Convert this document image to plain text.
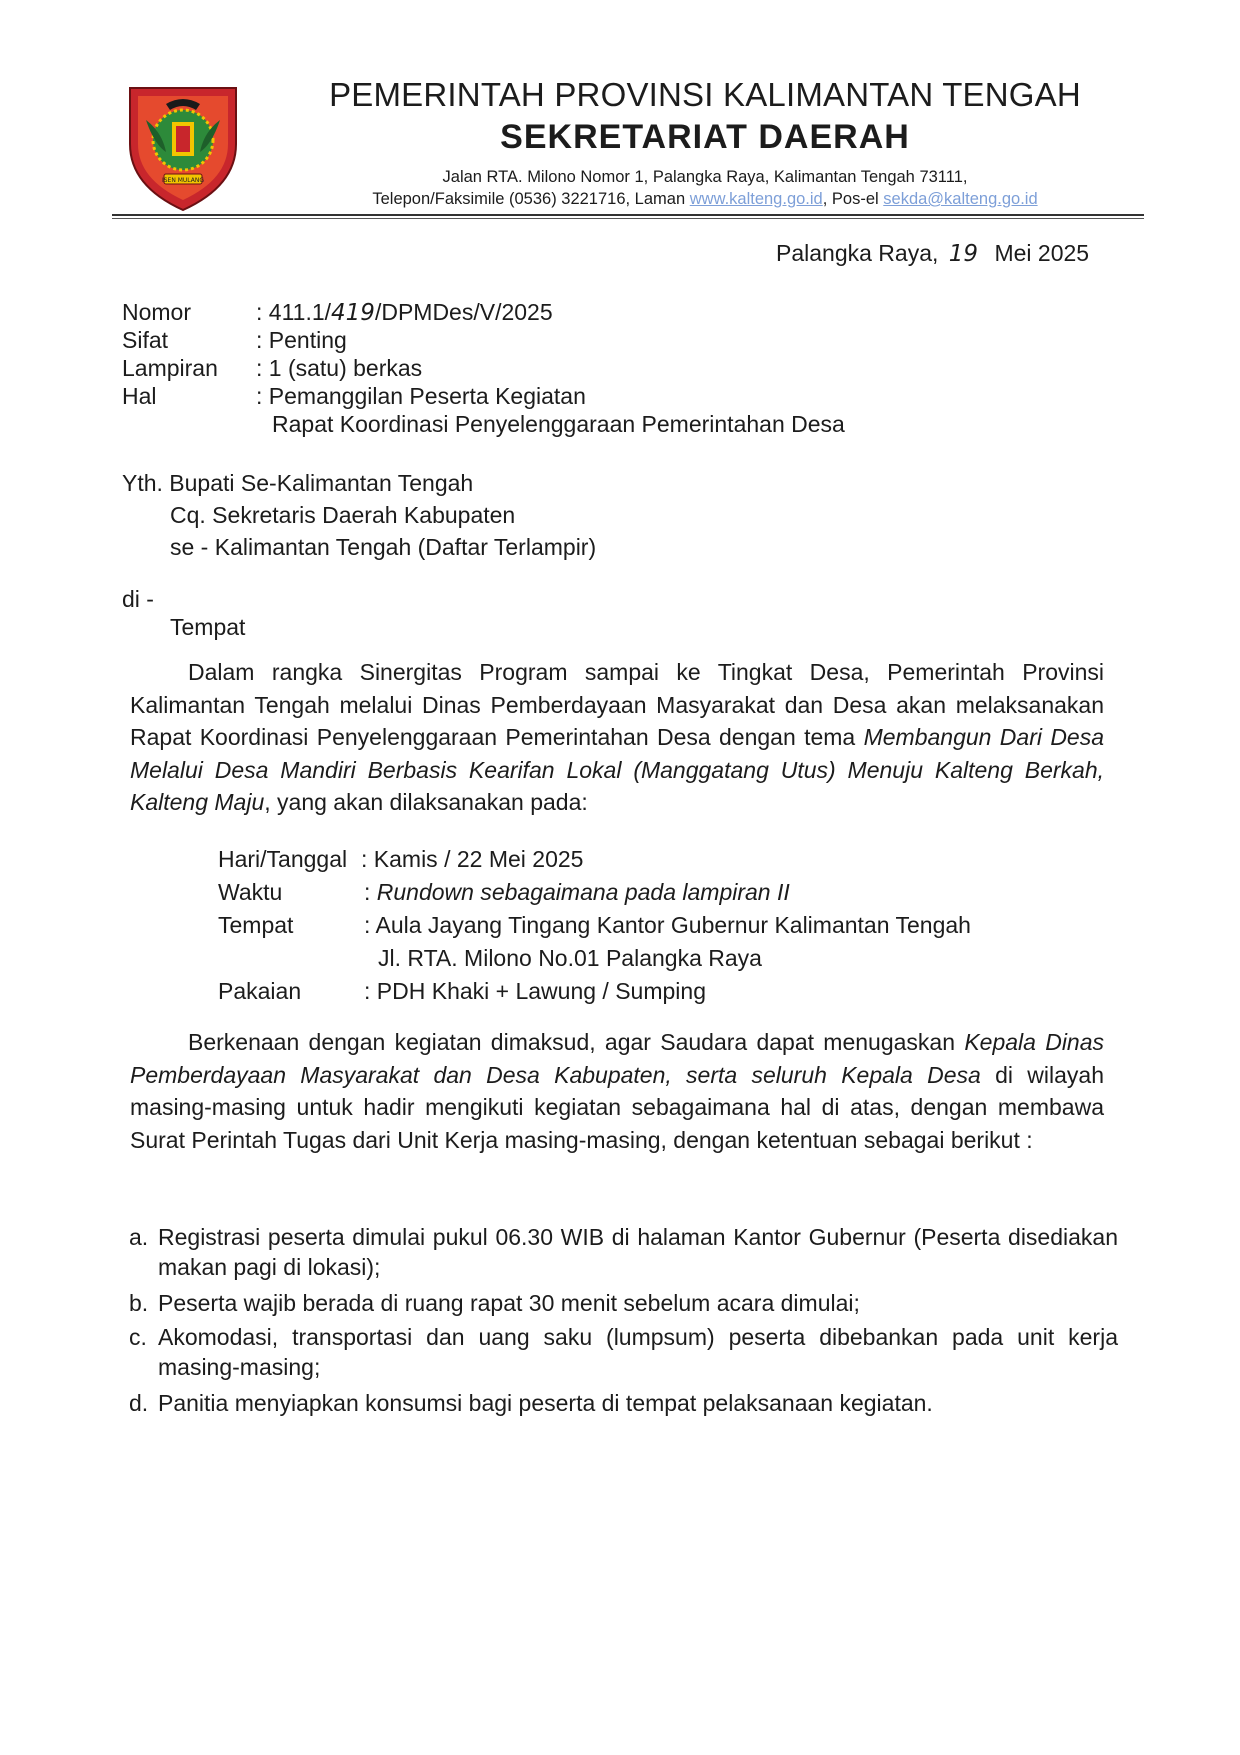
ISEN MULANG
PEMERINTAH PROVINSI KALIMANTAN TENGAH
SEKRETARIAT DAERAH
Jalan RTA. Milono Nomor 1, Palangka Raya, Kalimantan Tengah 73111,
Telepon/Faksimile (0536) 3221716, Laman www.kalteng.go.id, Pos-el sekda@kalteng.go.id
Palangka Raya, 19 Mei 2025
Nomor	: 411.1/419/DPMDes/V/2025
Sifat	: Penting
Lampiran : 1 (satu) berkas
Hal	: Pemanggilan Peserta Kegiatan
Rapat Koordinasi Penyelenggaraan Pemerintahan Desa
Yth. Bupati Se-Kalimantan Tengah
Cq. Sekretaris Daerah Kabupaten
se - Kalimantan Tengah (Daftar Terlampir)
di -
Tempat
Dalam rangka Sinergitas Program sampai ke Tingkat Desa, Pemerintah Provinsi Kalimantan Tengah melalui Dinas Pemberdayaan Masyarakat dan Desa akan melaksanakan Rapat Koordinasi Penyelenggaraan Pemerintahan Desa dengan tema Membangun Dari Desa Melalui Desa Mandiri Berbasis Kearifan Lokal (Manggatang Utus) Menuju Kalteng Berkah, Kalteng Maju, yang akan dilaksanakan pada:
Hari/Tanggal : Kamis / 22 Mei 2025
Waktu	: Rundown sebagaimana pada lampiran II
Tempat	: Aula Jayang Tingang Kantor Gubernur Kalimantan Tengah
Jl. RTA. Milono No.01 Palangka Raya
Pakaian	: PDH Khaki + Lawung / Sumping
Berkenaan dengan kegiatan dimaksud, agar Saudara dapat menugaskan Kepala Dinas Pemberdayaan Masyarakat dan Desa Kabupaten, serta seluruh Kepala Desa di wilayah masing-masing untuk hadir mengikuti kegiatan sebagaimana hal di atas, dengan membawa Surat Perintah Tugas dari Unit Kerja masing-masing, dengan ketentuan sebagai berikut :
a. Registrasi peserta dimulai pukul 06.30 WIB di halaman Kantor Gubernur (Peserta disediakan makan pagi di lokasi);
b. Peserta wajib berada di ruang rapat 30 menit sebelum acara dimulai;
c. Akomodasi, transportasi dan uang saku (lumpsum) peserta dibebankan pada unit kerja masing-masing;
d. Panitia menyiapkan konsumsi bagi peserta di tempat pelaksanaan kegiatan.
